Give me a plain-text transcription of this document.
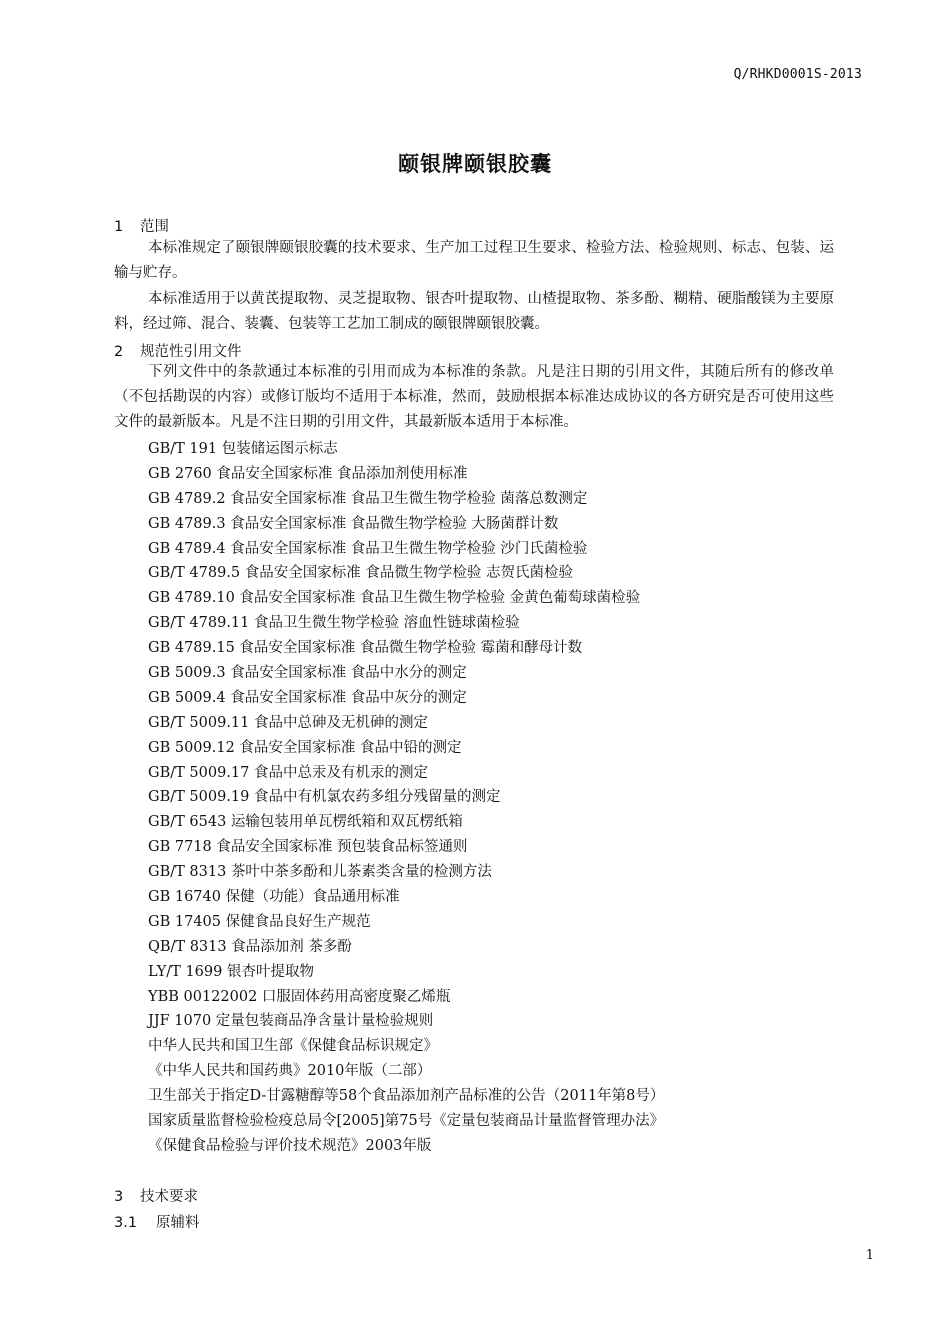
Q/RHKD0001S-2013
颐银牌颐银胶囊
1 范围

本标准规定了颐银牌颐银胶囊的技术要求、生产加工过程卫生要求、检验方法、检验规则、标志、包装、运输与贮存。

本标准适用于以黄芪提取物、灵芝提取物、银杏叶提取物、山楂提取物、茶多酚、糊精、硬脂酸镁为主要原料，经过筛、混合、装囊、包装等工艺加工制成的颐银牌颐银胶囊。

2 规范性引用文件

下列文件中的条款通过本标准的引用而成为本标准的条款。凡是注日期的引用文件，其随后所有的修改单（不包括勘误的内容）或修订版均不适用于本标准，然而，鼓励根据本标准达成协议的各方研究是否可使用这些文件的最新版本。凡是不注日期的引用文件，其最新版本适用于本标准。

GB/T 191 包装储运图示标志
GB 2760 食品安全国家标准 食品添加剂使用标准
GB 4789.2 食品安全国家标准 食品卫生微生物学检验 菌落总数测定
GB 4789.3 食品安全国家标准 食品微生物学检验 大肠菌群计数
GB 4789.4 食品安全国家标准 食品卫生微生物学检验 沙门氏菌检验
GB/T 4789.5 食品安全国家标准 食品微生物学检验 志贺氏菌检验
GB 4789.10 食品安全国家标准 食品卫生微生物学检验 金黄色葡萄球菌检验
GB/T 4789.11 食品卫生微生物学检验 溶血性链球菌检验
GB 4789.15 食品安全国家标准 食品微生物学检验 霉菌和酵母计数
GB 5009.3 食品安全国家标准 食品中水分的测定
GB 5009.4 食品安全国家标准 食品中灰分的测定
GB/T 5009.11 食品中总砷及无机砷的测定
GB 5009.12 食品安全国家标准 食品中铅的测定
GB/T 5009.17 食品中总汞及有机汞的测定
GB/T 5009.19 食品中有机氯农药多组分残留量的测定
GB/T 6543 运输包装用单瓦楞纸箱和双瓦楞纸箱
GB 7718 食品安全国家标准 预包装食品标签通则
GB/T 8313 茶叶中茶多酚和儿茶素类含量的检测方法
GB 16740 保健（功能）食品通用标准
GB 17405 保健食品良好生产规范
QB/T 8313 食品添加剂 茶多酚
LY/T 1699 银杏叶提取物
YBB 00122002 口服固体药用高密度聚乙烯瓶
JJF 1070 定量包装商品净含量计量检验规则
中华人民共和国卫生部《保健食品标识规定》
《中华人民共和国药典》2010年版（二部）
卫生部关于指定D-甘露糖醇等58个食品添加剂产品标准的公告（2011年第8号）
国家质量监督检验检疫总局令[2005]第75号《定量包装商品计量监督管理办法》
《保健食品检验与评价技术规范》2003年版
3 技术要求
3.1 原辅料
1
